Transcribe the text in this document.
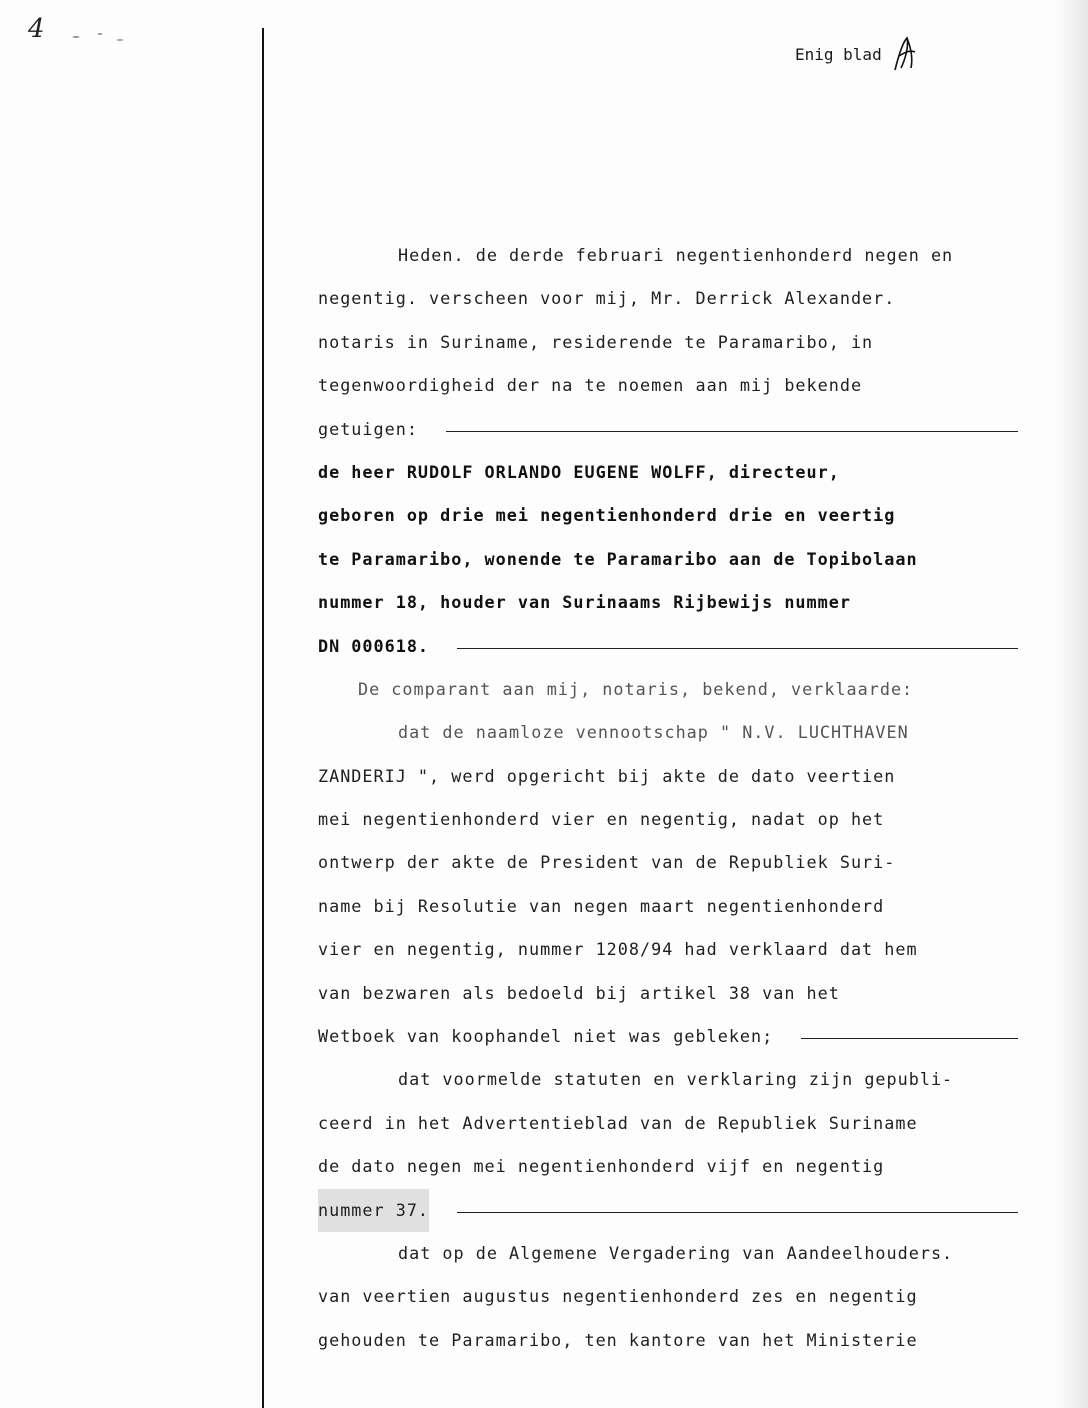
4
Enig blad
Heden. de derde februari negentienhonderd negen en
negentig. verscheen voor mij, Mr. Derrick Alexander.
notaris in Suriname, residerende te Paramaribo, in
tegenwoordigheid der na te noemen aan mij bekende
getuigen:
de heer RUDOLF ORLANDO EUGENE WOLFF, directeur,
geboren op drie mei negentienhonderd drie en veertig
te Paramaribo, wonende te Paramaribo aan de Topibolaan
nummer 18, houder van Surinaams Rijbewijs nummer
DN 000618.
De comparant aan mij, notaris, bekend, verklaarde:
dat de naamloze vennootschap " N.V. LUCHTHAVEN
ZANDERIJ ", werd opgericht bij akte de dato veertien
mei negentienhonderd vier en negentig, nadat op het
ontwerp der akte de President van de Republiek Suri-
name bij Resolutie van negen maart negentienhonderd
vier en negentig, nummer 1208/94 had verklaard dat hem
van bezwaren als bedoeld bij artikel 38 van het
Wetboek van koophandel niet was gebleken;
dat voormelde statuten en verklaring zijn gepubli-
ceerd in het Advertentieblad van de Republiek Suriname
de dato negen mei negentienhonderd vijf en negentig
nummer 37.
dat op de Algemene Vergadering van Aandeelhouders.
van veertien augustus negentienhonderd zes en negentig
gehouden te Paramaribo, ten kantore van het Ministerie
